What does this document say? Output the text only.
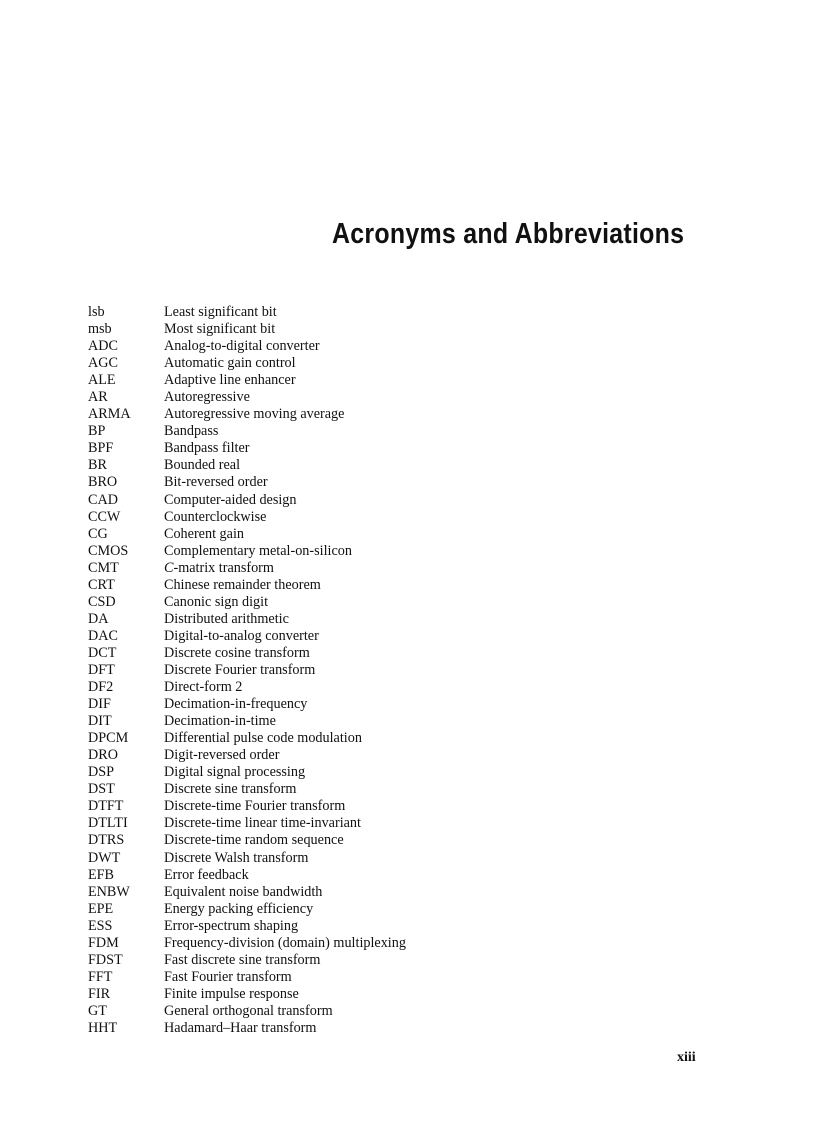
Acronyms and Abbreviations
lsb	Least significant bit
msb	Most significant bit
ADC	Analog-to-digital converter
AGC	Automatic gain control
ALE	Adaptive line enhancer
AR	Autoregressive
ARMA	Autoregressive moving average
BP	Bandpass
BPF	Bandpass filter
BR	Bounded real
BRO	Bit-reversed order
CAD	Computer-aided design
CCW	Counterclockwise
CG	Coherent gain
CMOS	Complementary metal-on-silicon
CMT	C-matrix transform
CRT	Chinese remainder theorem
CSD	Canonic sign digit
DA	Distributed arithmetic
DAC	Digital-to-analog converter
DCT	Discrete cosine transform
DFT	Discrete Fourier transform
DF2	Direct-form 2
DIF	Decimation-in-frequency
DIT	Decimation-in-time
DPCM	Differential pulse code modulation
DRO	Digit-reversed order
DSP	Digital signal processing
DST	Discrete sine transform
DTFT	Discrete-time Fourier transform
DTLTI	Discrete-time linear time-invariant
DTRS	Discrete-time random sequence
DWT	Discrete Walsh transform
EFB	Error feedback
ENBW	Equivalent noise bandwidth
EPE	Energy packing efficiency
ESS	Error-spectrum shaping
FDM	Frequency-division (domain) multiplexing
FDST	Fast discrete sine transform
FFT	Fast Fourier transform
FIR	Finite impulse response
GT	General orthogonal transform
HHT	Hadamard–Haar transform
xiii
